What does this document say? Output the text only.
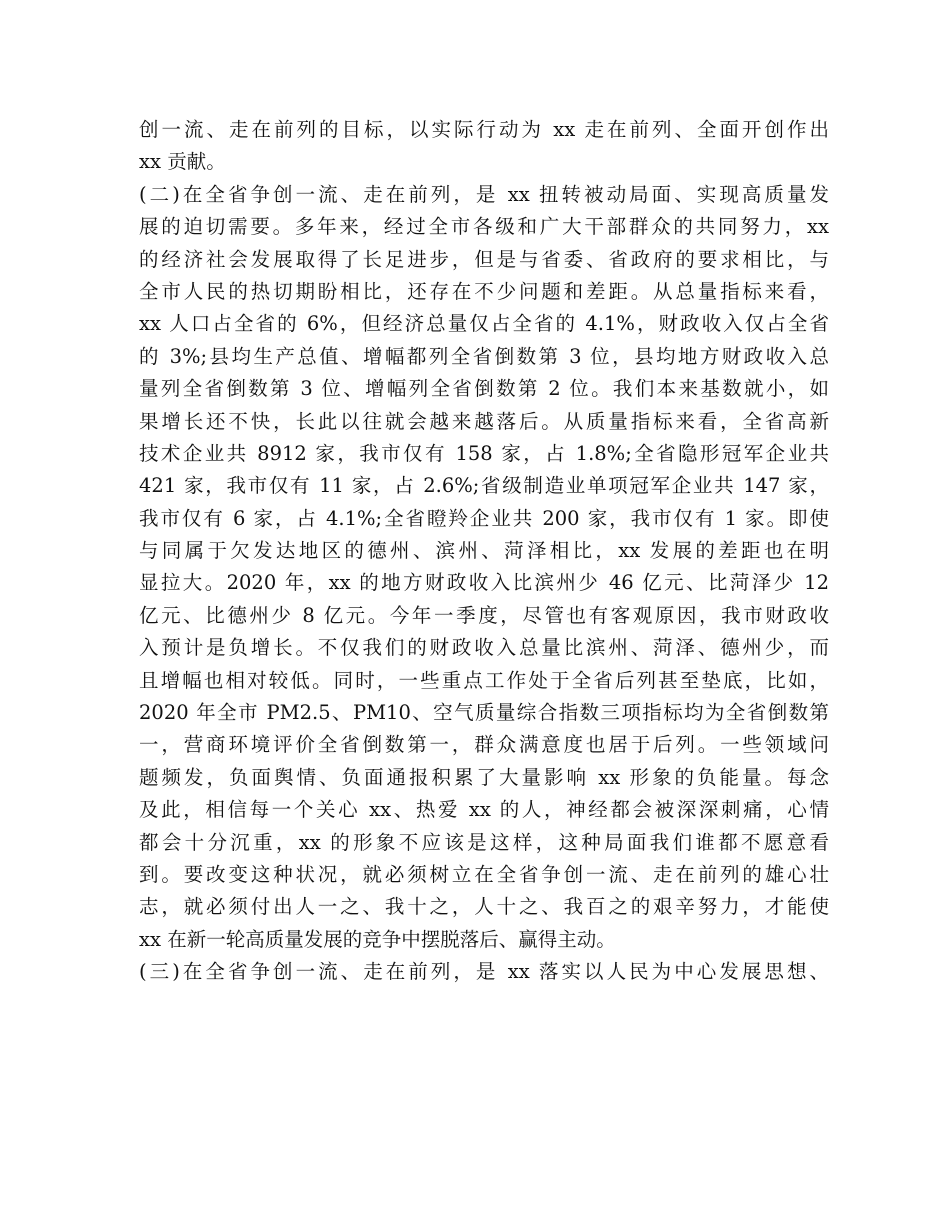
创一流、走在前列的目标，以实际行动为 xx 走在前列、全面开创作出
xx 贡献。
(二)在全省争创一流、走在前列，是 xx 扭转被动局面、实现高质量发
展的迫切需要。多年来，经过全市各级和广大干部群众的共同努力，xx
的经济社会发展取得了长足进步，但是与省委、省政府的要求相比，与
全市人民的热切期盼相比，还存在不少问题和差距。从总量指标来看，
xx 人口占全省的 6%，但经济总量仅占全省的 4.1%，财政收入仅占全省
的 3%;县均生产总值、增幅都列全省倒数第 3 位，县均地方财政收入总
量列全省倒数第 3 位、增幅列全省倒数第 2 位。我们本来基数就小，如
果增长还不快，长此以往就会越来越落后。从质量指标来看，全省高新
技术企业共 8912 家，我市仅有 158 家，占 1.8%;全省隐形冠军企业共
421 家，我市仅有 11 家，占 2.6%;省级制造业单项冠军企业共 147 家，
我市仅有 6 家，占 4.1%;全省瞪羚企业共 200 家，我市仅有 1 家。即使
与同属于欠发达地区的德州、滨州、菏泽相比，xx 发展的差距也在明
显拉大。2020 年，xx 的地方财政收入比滨州少 46 亿元、比菏泽少 12
亿元、比德州少 8 亿元。今年一季度，尽管也有客观原因，我市财政收
入预计是负增长。不仅我们的财政收入总量比滨州、菏泽、德州少，而
且增幅也相对较低。同时，一些重点工作处于全省后列甚至垫底，比如，
2020 年全市 PM2.5、PM10、空气质量综合指数三项指标均为全省倒数第
一，营商环境评价全省倒数第一，群众满意度也居于后列。一些领域问
题频发，负面舆情、负面通报积累了大量影响 xx 形象的负能量。每念
及此，相信每一个关心 xx、热爱 xx 的人，神经都会被深深刺痛，心情
都会十分沉重，xx 的形象不应该是这样，这种局面我们谁都不愿意看
到。要改变这种状况，就必须树立在全省争创一流、走在前列的雄心壮
志，就必须付出人一之、我十之，人十之、我百之的艰辛努力，才能使
xx 在新一轮高质量发展的竞争中摆脱落后、赢得主动。
(三)在全省争创一流、走在前列，是 xx 落实以人民为中心发展思想、
